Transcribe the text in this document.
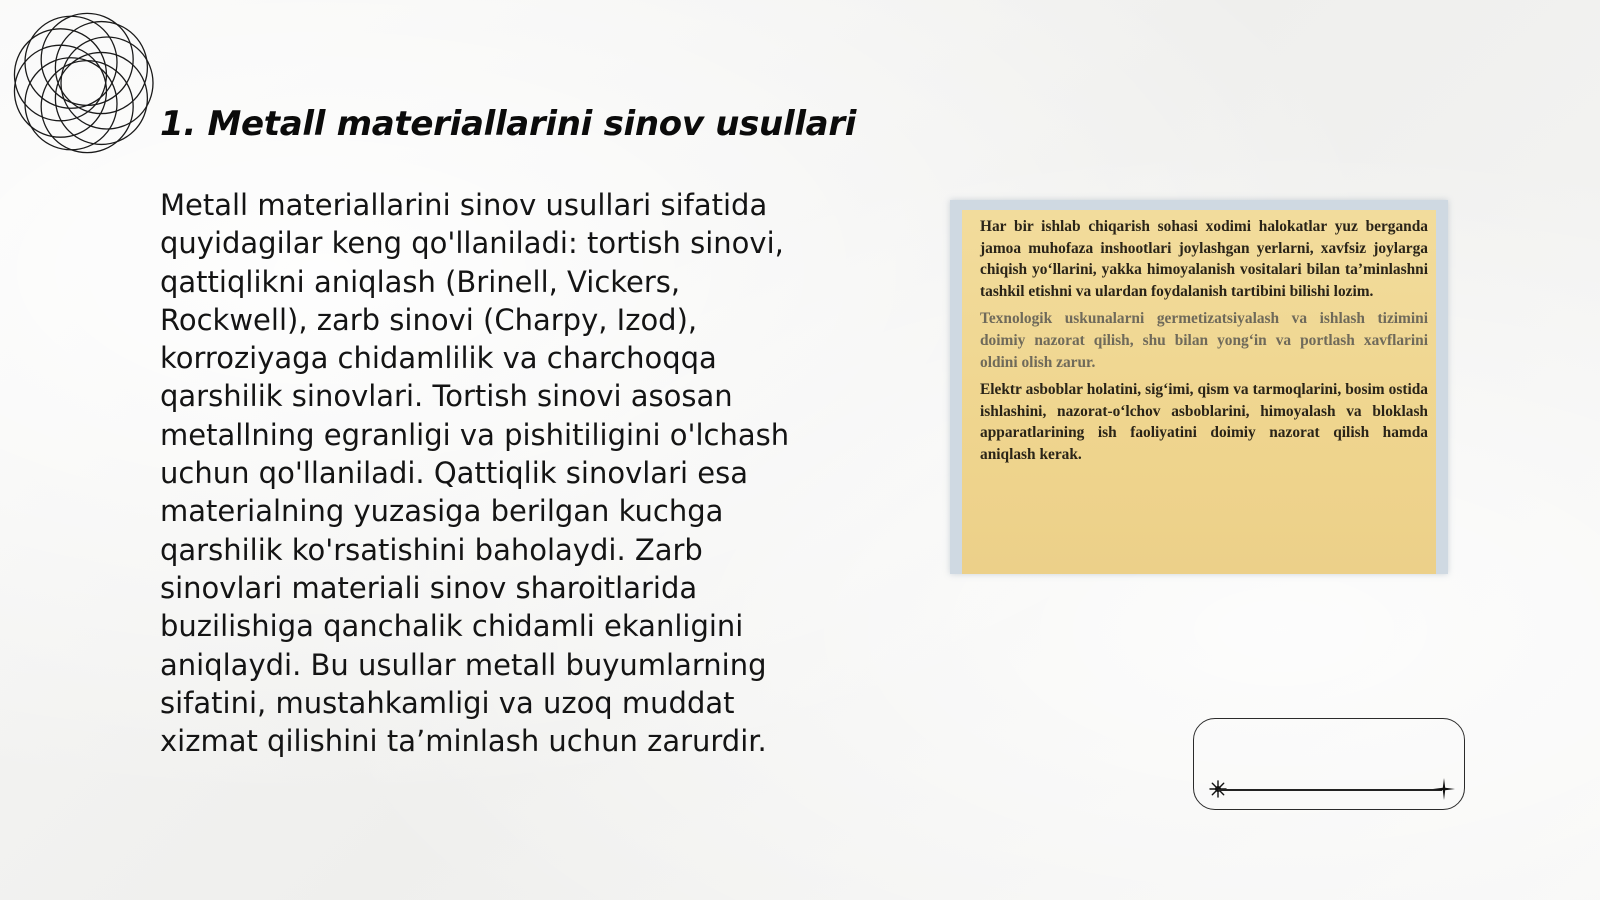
1. Metall materiallarini sinov usullari

Metall materiallarini sinov usullari sifatida quyidagilar keng qo'llaniladi: tortish sinovi, qattiqlikni aniqlash (Brinell, Vickers, Rockwell), zarb sinovi (Charpy, Izod), korroziyaga chidamlilik va charchoqqa qarshilik sinovlari. Tortish sinovi asosan metallning egranligi va pishitiligini o'lchash uchun qo'llaniladi. Qattiqlik sinovlari esa materialning yuzasiga berilgan kuchga qarshilik ko'rsatishini baholaydi. Zarb sinovlari materiali sinov sharoitlarida buzilishiga qanchalik chidamli ekanligini aniqlaydi. Bu usullar metall buyumlarning sifatini, mustahkamligi va uzoq muddat xizmat qilishini ta’minlash uchun zarurdir.

Har bir ishlab chiqarish sohasi xodimi halokatlar yuz berganda jamoa muhofaza inshootlari joylashgan yerlarni, xavfsiz joylarga chiqish yo‘llarini, yakka himoyalanish vositalari bilan ta’minlashni tashkil etishni va ulardan foydalanish tartibini bilishi lozim.

Texnologik uskunalarni germetizatsiyalash va ishlash tizimini doimiy nazorat qilish, shu bilan yong‘in va portlash xavflarini oldini olish zarur.

Elektr asboblar holatini, sig‘imi, qism va tarmoqlarini, bosim ostida ishlashini, nazorat-o‘lchov asboblarini, himoyalash va bloklash apparatlarining ish faoliyatini doimiy nazorat qilish hamda aniqlash kerak.
